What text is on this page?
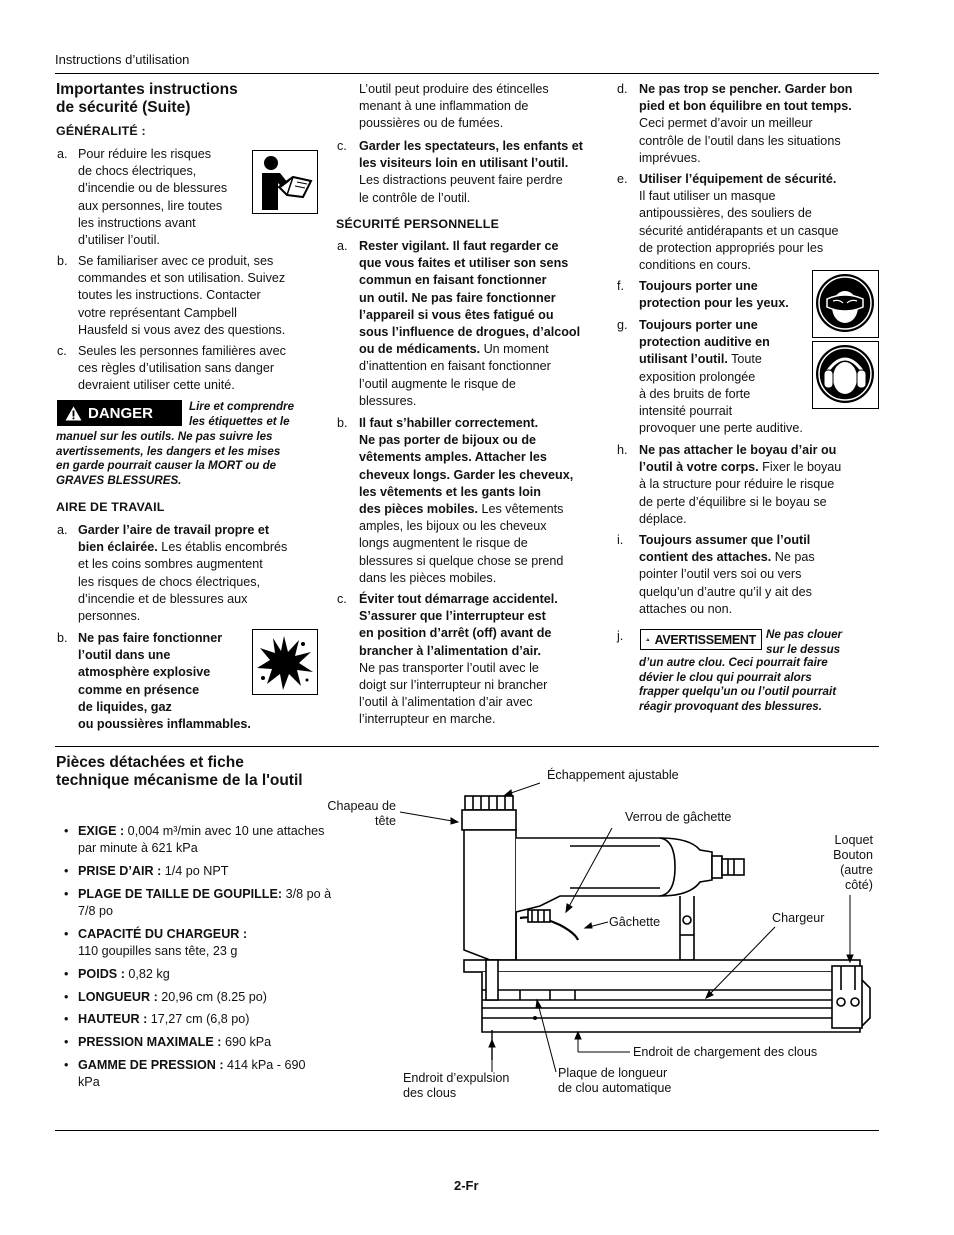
Instructions d’utilisation
Importantes instructions
de sécurité (Suite)
GÉNÉRALITÉ :
a. Pour réduire les risques
de chocs électriques,
d’incendie ou de blessures
aux personnes, lire toutes
les instructions avant
d’utiliser l’outil.
b. Se familiariser avec ce produit, ses
commandes et son utilisation. Suivez
toutes les instructions. Contacter
votre représentant Campbell
Hausfeld si vous avez des questions.
c. Seules les personnes familières avec
ces règles d’utilisation sans danger
devraient utiliser cette unité.
DANGER	Lire et comprendre
les étiquettes et le
manuel sur les outils. Ne pas suivre les
avertissements, les dangers et les mises
en garde pourrait causer la MORT ou de
GRAVES BLESSURES.
AIRE DE TRAVAIL
a. Garder l’aire de travail propre et
bien éclairée. Les établis encombrés
et les coins sombres augmentent
les risques de chocs électriques,
d’incendie et de blessures aux
personnes.
b. Ne pas faire fonctionner
l’outil dans une
atmosphère explosive
comme en présence
de liquides, gaz
ou poussières inflammables.
L’outil peut produire des étincelles
menant à une inflammation de
poussières ou de fumées.
c. Garder les spectateurs, les enfants et
les visiteurs loin en utilisant l’outil.
Les distractions peuvent faire perdre
le contrôle de l’outil.
SÉCURITÉ PERSONNELLE
a. Rester vigilant. Il faut regarder ce
que vous faites et utiliser son sens
commun en faisant fonctionner
un outil. Ne pas faire fonctionner
l’appareil si vous êtes fatigué ou
sous l’influence de drogues, d’alcool
ou de médicaments. Un moment
d’inattention en faisant fonctionner
l’outil augmente le risque de
blessures.
b. Il faut s’habiller correctement.
Ne pas porter de bijoux ou de
vêtements amples. Attacher les
cheveux longs. Garder les cheveux,
les vêtements et les gants loin
des pièces mobiles. Les vêtements
amples, les bijoux ou les cheveux
longs augmentent le risque de
blessures si quelque chose se prend
dans les pièces mobiles.
c. Éviter tout démarrage accidentel.
S’assurer que l’interrupteur est
en position d’arrêt (off) avant de
brancher à l’alimentation d’air.
Ne pas transporter l’outil avec le
doigt sur l’interrupteur ni brancher
l’outil à l’alimentation d’air avec
l’interrupteur en marche.
d. Ne pas trop se pencher. Garder bon
pied et bon équilibre en tout temps.
Ceci permet d’avoir un meilleur
contrôle de l’outil dans les situations
imprévues.
e. Utiliser l’équipement de sécurité.
Il faut utiliser un masque
antipoussières, des souliers de
sécurité antidérapants et un casque
de protection appropriés pour les
conditions en cours.
f. Toujours porter une
protection pour les yeux.
g. Toujours porter une
protection auditive en
utilisant l’outil. Toute
exposition prolongée
à des bruits de forte
intensité pourrait
provoquer une perte auditive.
h. Ne pas attacher le boyau d’air ou
l’outil à votre corps. Fixer le boyau
à la structure pour réduire le risque
de perte d’équilibre si le boyau se
déplace.
i. Toujours assumer que l’outil
contient des attaches. Ne pas
pointer l’outil vers soi ou vers
quelqu’un d’autre qu’il y ait des
attaches ou non.
j.	AVERTISSEMENT Ne pas clouer
sur le dessus
d’un autre clou. Ceci pourrait faire
dévier le clou qui pourrait alors
frapper quelqu’un ou l’outil pourrait
réagir provoquant des blessures.
Pièces détachées et fiche
technique mécanisme de la l'outil
• EXIGE : 0,004 m³/min avec 10 une attaches
par minute à 621 kPa
• PRISE D’AIR : 1/4 po NPT
• PLAGE DE TAILLE DE GOUPILLE: 3/8 po à
7/8 po
• CAPACITÉ DU CHARGEUR :
110 goupilles sans tête, 23 g
• POIDS : 0,82 kg
• LONGUEUR : 20,96 cm (8.25 po)
• HAUTEUR : 17,27 cm (6,8 po)
• PRESSION MAXIMALE : 690 kPa
• GAMME DE PRESSION : 414 kPa - 690
kPa
Échappement ajustable
Chapeau de
tête	Verrou de gâchette
Loquet
Bouton
(autre
côté)
Gâchette	Chargeur
Endroit de chargement des clous
Endroit d’expulsion
des clous
Plaque de longueur
de clou automatique
2-Fr
